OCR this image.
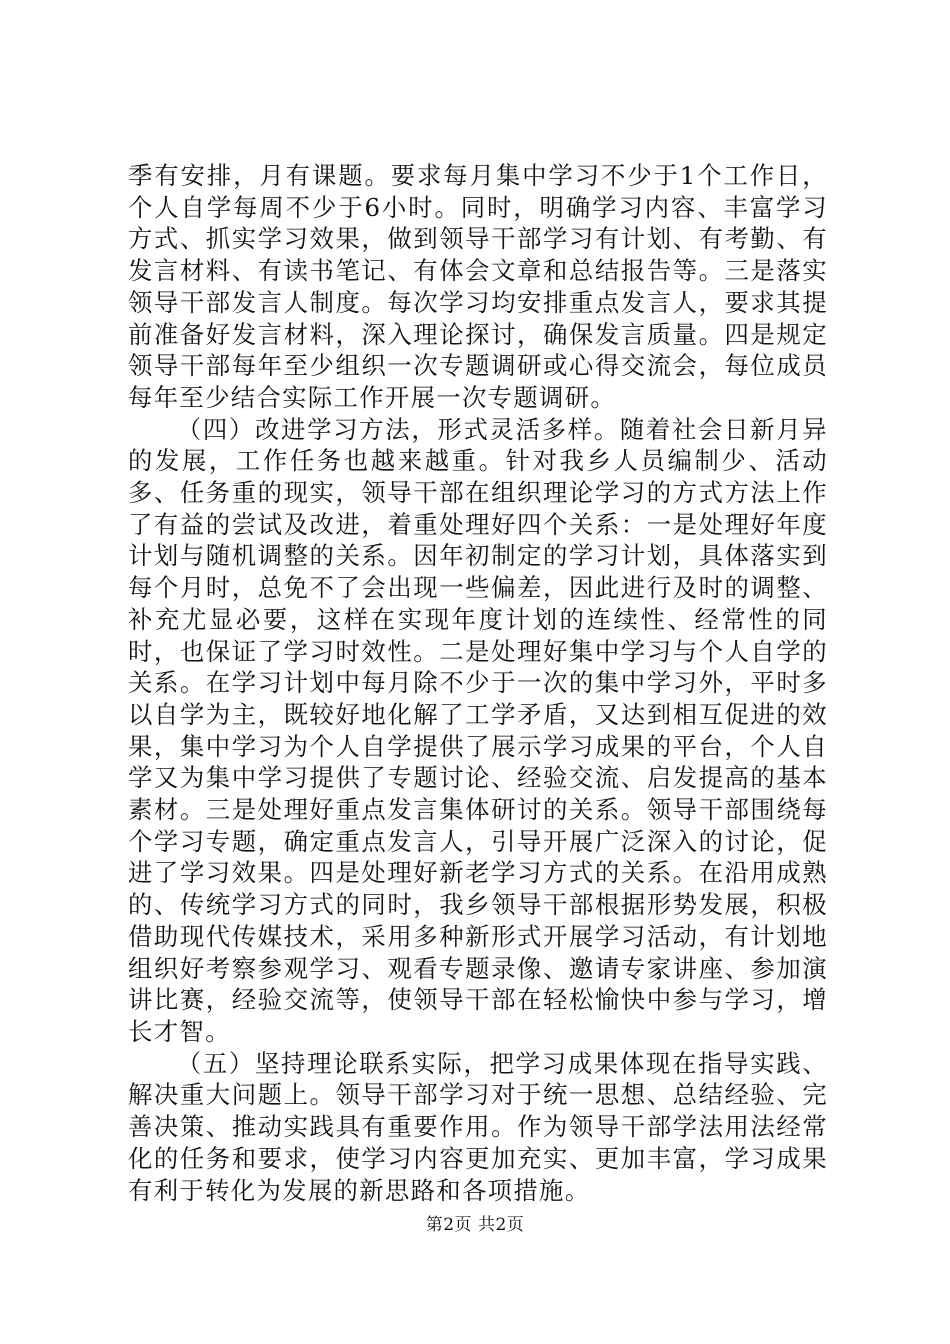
季有安排，月有课题。要求每月集中学习不少于1个工作日，个人自学每周不少于6小时。同时，明确学习内容、丰富学习方式、抓实学习效果，做到领导干部学习有计划、有考勤、有发言材料、有读书笔记、有体会文章和总结报告等。三是落实领导干部发言人制度。每次学习均安排重点发言人，要求其提前准备好发言材料，深入理论探讨，确保发言质量。四是规定领导干部每年至少组织一次专题调研或心得交流会，每位成员每年至少结合实际工作开展一次专题调研。

（四）改进学习方法，形式灵活多样。随着社会日新月异的发展，工作任务也越来越重。针对我乡人员编制少、活动多、任务重的现实，领导干部在组织理论学习的方式方法上作了有益的尝试及改进，着重处理好四个关系：一是处理好年度计划与随机调整的关系。因年初制定的学习计划，具体落实到每个月时，总免不了会出现一些偏差，因此进行及时的调整、补充尤显必要，这样在实现年度计划的连续性、经常性的同时，也保证了学习时效性。二是处理好集中学习与个人自学的关系。在学习计划中每月除不少于一次的集中学习外，平时多以自学为主，既较好地化解了工学矛盾，又达到相互促进的效果，集中学习为个人自学提供了展示学习成果的平台，个人自学又为集中学习提供了专题讨论、经验交流、启发提高的基本素材。三是处理好重点发言集体研讨的关系。领导干部围绕每个学习专题，确定重点发言人，引导开展广泛深入的讨论，促进了学习效果。四是处理好新老学习方式的关系。在沿用成熟的、传统学习方式的同时，我乡领导干部根据形势发展，积极借助现代传媒技术，采用多种新形式开展学习活动，有计划地组织好考察参观学习、观看专题录像、邀请专家讲座、参加演讲比赛，经验交流等，使领导干部在轻松愉快中参与学习，增长才智。

（五）坚持理论联系实际，把学习成果体现在指导实践、解决重大问题上。领导干部学习对于统一思想、总结经验、完善决策、推动实践具有重要作用。作为领导干部学法用法经常化的任务和要求，使学习内容更加充实、更加丰富，学习成果有利于转化为发展的新思路和各项措施。

第2页 共2页
